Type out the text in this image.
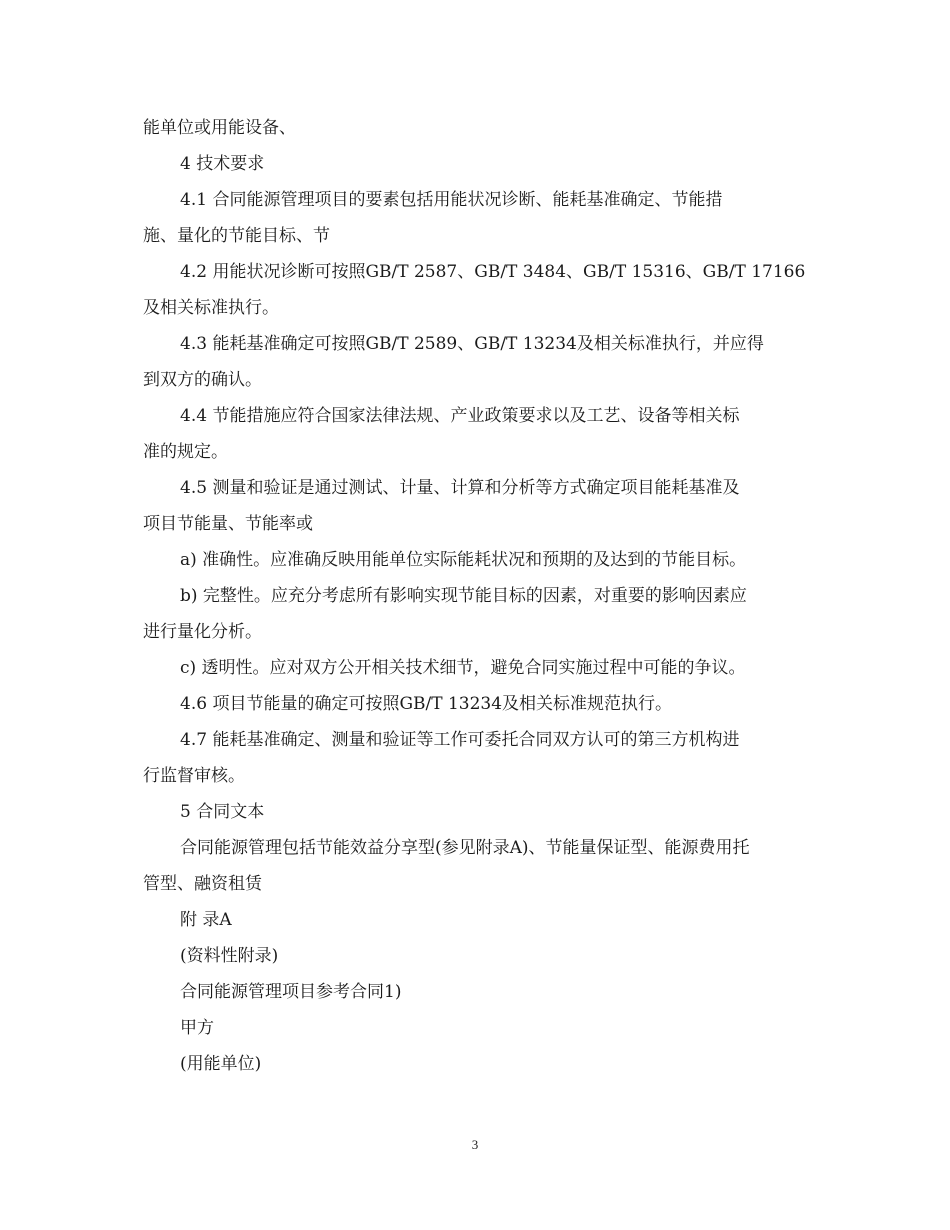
能单位或用能设备、

4 技术要求

4.1 合同能源管理项目的要素包括用能状况诊断、能耗基准确定、节能措

施、量化的节能目标、节

4.2 用能状况诊断可按照GB/T 2587、GB/T 3484、GB/T 15316、GB/T 17166

及相关标准执行。

4.3 能耗基准确定可按照GB/T 2589、GB/T 13234及相关标准执行，并应得

到双方的确认。

4.4 节能措施应符合国家法律法规、产业政策要求以及工艺、设备等相关标

准的规定。

4.5 测量和验证是通过测试、计量、计算和分析等方式确定项目能耗基准及

项目节能量、节能率或

a) 准确性。应准确反映用能单位实际能耗状况和预期的及达到的节能目标。

b) 完整性。应充分考虑所有影响实现节能目标的因素，对重要的影响因素应

进行量化分析。

c) 透明性。应对双方公开相关技术细节，避免合同实施过程中可能的争议。

4.6 项目节能量的确定可按照GB/T 13234及相关标准规范执行。

4.7 能耗基准确定、测量和验证等工作可委托合同双方认可的第三方机构进

行监督审核。

5 合同文本

合同能源管理包括节能效益分享型(参见附录A)、节能量保证型、能源费用托

管型、融资租赁

附 录A

(资料性附录)

合同能源管理项目参考合同1)

甲方

(用能单位)

3
